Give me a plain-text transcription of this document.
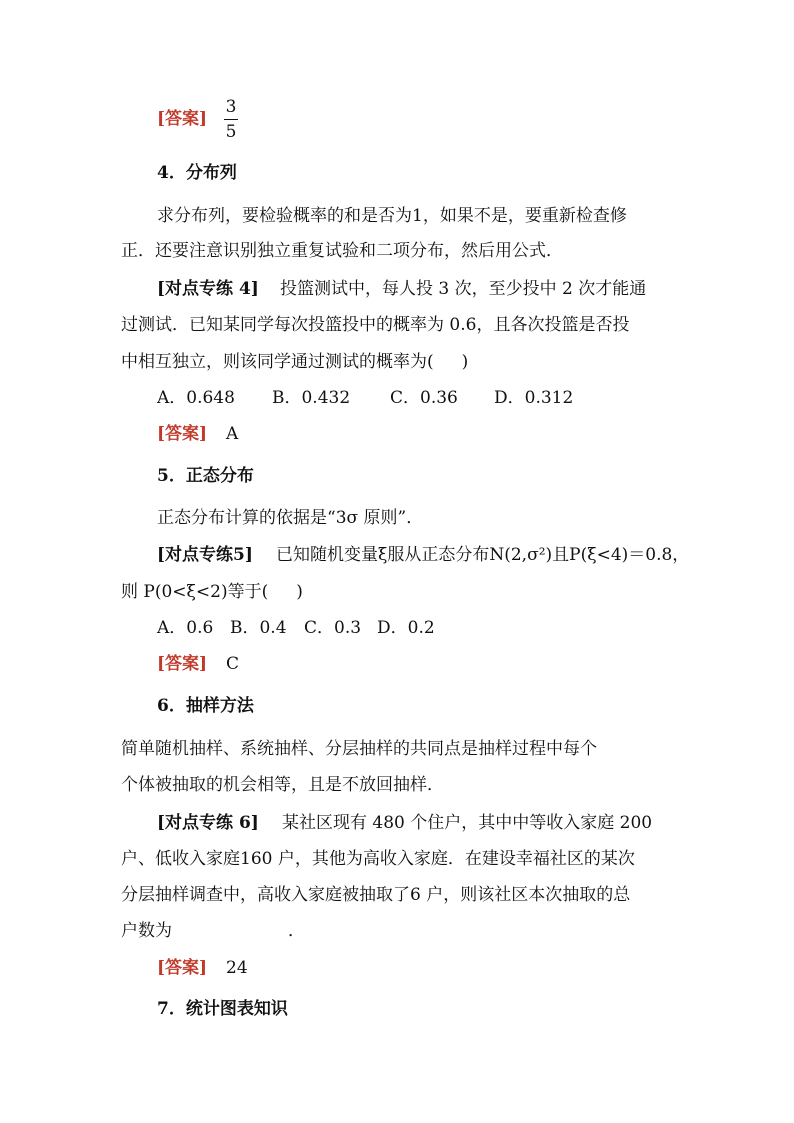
[答案]
3
5
4．分布列
求分布列，要检验概率的和是否为1，如果不是，要重新检查修
正．还要注意识别独立重复试验和二项分布，然后用公式．
[对点专练 4] 投篮测试中，每人投 3 次，至少投中 2 次才能通
过测试．已知某同学每次投篮投中的概率为 0.6，且各次投篮是否投
中相互独立，则该同学通过测试的概率为( )
A．0.648 B．0.432 C．0.36 D．0.312
[答案] A
5．正态分布
正态分布计算的依据是“3σ 原则”．
[对点专练5] 已知随机变量ξ服从正态分布N(2,σ²)且P(ξ<4)＝0.8，
则 P(0<ξ<2)等于( )
A．0.6 B．0.4 C．0.3 D．0.2
[答案] C
6．抽样方法
简单随机抽样、系统抽样、分层抽样的共同点是抽样过程中每个
个体被抽取的机会相等，且是不放回抽样．
[对点专练 6] 某社区现有 480 个住户，其中中等收入家庭 200
户、低收入家庭160 户，其他为高收入家庭．在建设幸福社区的某次
分层抽样调查中，高收入家庭被抽取了6 户，则该社区本次抽取的总
户数为	．
[答案] 24
7．统计图表知识
